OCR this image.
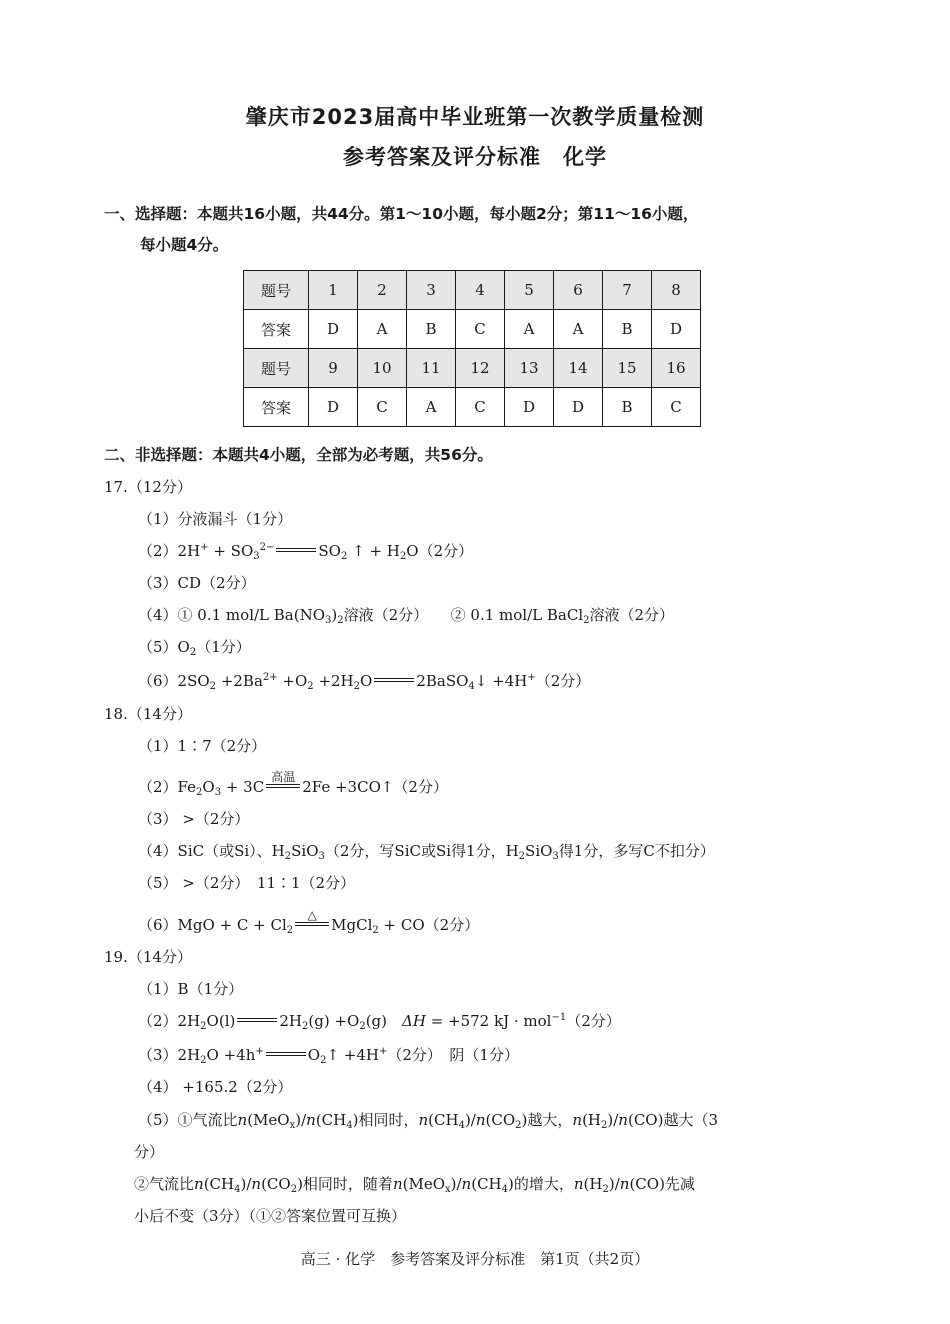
肇庆市2023届高中毕业班第一次教学质量检测
参考答案及评分标准　化学
一、选择题：本题共16小题，共44分。第1～10小题，每小题2分；第11～16小题，
每小题4分。
题号	1	2	3	4	5	6	7	8
答案	D	A	B	C	A	A	B	D
题号	9	10	11	12	13	14	15	16
答案	D	C	A	C	D	D	B	C
二、非选择题：本题共4小题，全部为必考题，共56分。
17.（12分）
（1）分液漏斗（1分）
$(2)2H^+ + SO_3^{2-}$	$SO_2$ ↑ + $H_2O(2$分）
（3）CD（2分）
（4）① 0.1 mol/L $Ba(NO_3)_2$溶液（2分）　　② 0.1 mol/L BaCl$_2$溶液（2分）
$(5)O_2(1$分）
$(6)2SO_2 +2Ba^{2+} +O_2 +2H_2O$	2BaSO$_4$↓ +4H+（2分）
18.（14分）
（1）1∶7（2分）
$(2)Fe_2O_3 + 3C$
高温
2Fe +3CO↑（2分）
（3） >（2分）
（4）SiC（或Si）、$H_2SiO_3(2$分，写SiC或Si得1分，$H_2SiO_3$得1分，多写C不扣分）
（5） >（2分）　11∶1（2分）
$(6)MgO + C + Cl_2$
△
MgCl$_2$ + CO（2分）
19.（14分）
（1）B（1分）
$(2)2H_2O(l)$	$2H_2(g) +O_2(g)$　ΔH = +572 kJ · mol$^{-1}$（2分）
$(3)2H_2O +4h^+$	$O_2↑ +4H^+(2$分）　阴（1分）
（4） +165.2（2分）
（5）①气流比$n(MeO_x)/n(CH_4)$相同时，$n(CH_4)/n(CO_2)$越大，$n(H_2)/n(CO)$越大（3
分）
②气流比$n(CH_4)/n(CO_2)$相同时，随着$n(MeO_x)/n(CH_4)$的增大，$n(H_2)/n(CO)$先减
小后不变（3分）（①②答案位置可互换）
高三 · 化学　参考答案及评分标准　第1页（共2页）
